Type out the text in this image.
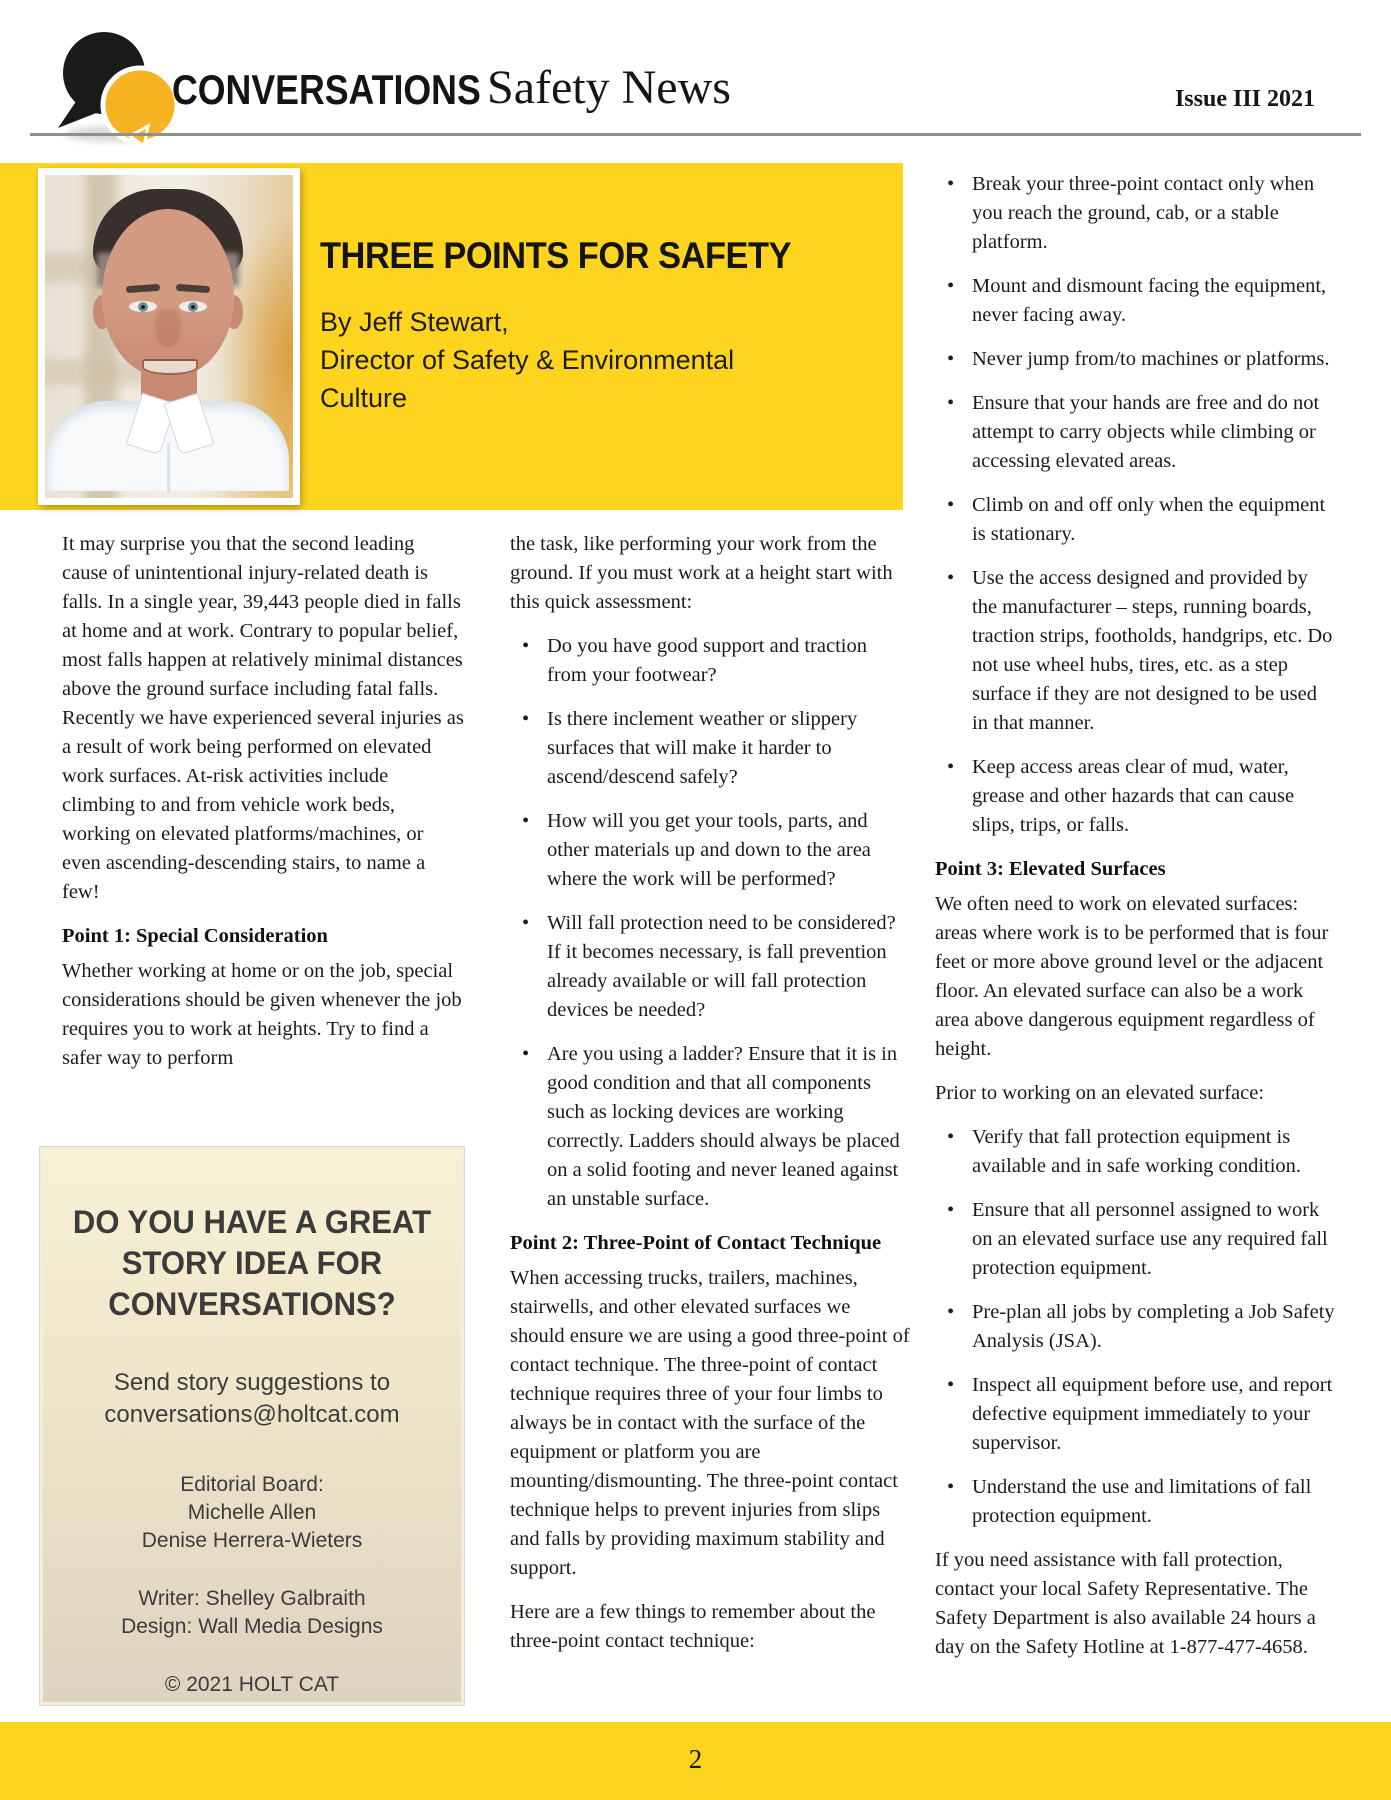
CONVERSATIONS Safety News	Issue III 2021
THREE POINTS FOR SAFETY
By Jeff Stewart,
Director of Safety & Environmental
Culture

It may surprise you that the second leading cause of unintentional injury-related death is falls. In a single year, 39,443 people died in falls at home and at work. Contrary to popular belief, most falls happen at relatively minimal distances above the ground surface including fatal falls. Recently we have experienced several injuries as a result of work being performed on elevated work surfaces. At-risk activities include climbing to and from vehicle work beds, working on elevated platforms/machines, or even ascending-descending stairs, to name a few!

Point 1: Special Consideration

Whether working at home or on the job, special considerations should be given whenever the job requires you to work at heights. Try to find a safer way to perform

DO YOU HAVE A GREAT
STORY IDEA FOR
CONVERSATIONS?
Send story suggestions to
conversations@holtcat.com
Editorial Board:
Michelle Allen
Denise Herrera-Wieters
Writer: Shelley Galbraith
Design: Wall Media Designs
© 2021 HOLT CAT

the task, like performing your work from the ground. If you must work at a height start with this quick assessment:

• Do you have good support and traction from your footwear?
• Is there inclement weather or slippery surfaces that will make it harder to ascend/descend safely?
• How will you get your tools, parts, and other materials up and down to the area where the work will be performed?
• Will fall protection need to be considered? If it becomes necessary, is fall prevention already available or will fall protection devices be needed?
• Are you using a ladder? Ensure that it is in good condition and that all components such as locking devices are working correctly. Ladders should always be placed on a solid footing and never leaned against an unstable surface.
Point 2: Three-Point of Contact Technique

When accessing trucks, trailers, machines, stairwells, and other elevated surfaces we should ensure we are using a good three-point of contact technique. The three-point of contact technique requires three of your four limbs to always be in contact with the surface of the equipment or platform you are mounting/dismounting. The three-point contact technique helps to prevent injuries from slips and falls by providing maximum stability and support.

Here are a few things to remember about the three-point contact technique:

• Break your three-point contact only when you reach the ground, cab, or a stable platform.
• Mount and dismount facing the equipment, never facing away.
• Never jump from/to machines or platforms.
• Ensure that your hands are free and do not attempt to carry objects while climbing or accessing elevated areas.
• Climb on and off only when the equipment is stationary.
• Use the access designed and provided by the manufacturer – steps, running boards, traction strips, footholds, handgrips, etc. Do not use wheel hubs, tires, etc. as a step surface if they are not designed to be used in that manner.
• Keep access areas clear of mud, water, grease and other hazards that can cause slips, trips, or falls.
Point 3: Elevated Surfaces

We often need to work on elevated surfaces: areas where work is to be performed that is four feet or more above ground level or the adjacent floor. An elevated surface can also be a work area above dangerous equipment regardless of height.

Prior to working on an elevated surface:

• Verify that fall protection equipment is available and in safe working condition.
• Ensure that all personnel assigned to work on an elevated surface use any required fall protection equipment.
• Pre-plan all jobs by completing a Job Safety Analysis (JSA).
• Inspect all equipment before use, and report defective equipment immediately to your supervisor.
• Understand the use and limitations of fall protection equipment.

If you need assistance with fall protection, contact your local Safety Representative. The Safety Department is also available 24 hours a day on the Safety Hotline at 1-877-477-4658.

2
